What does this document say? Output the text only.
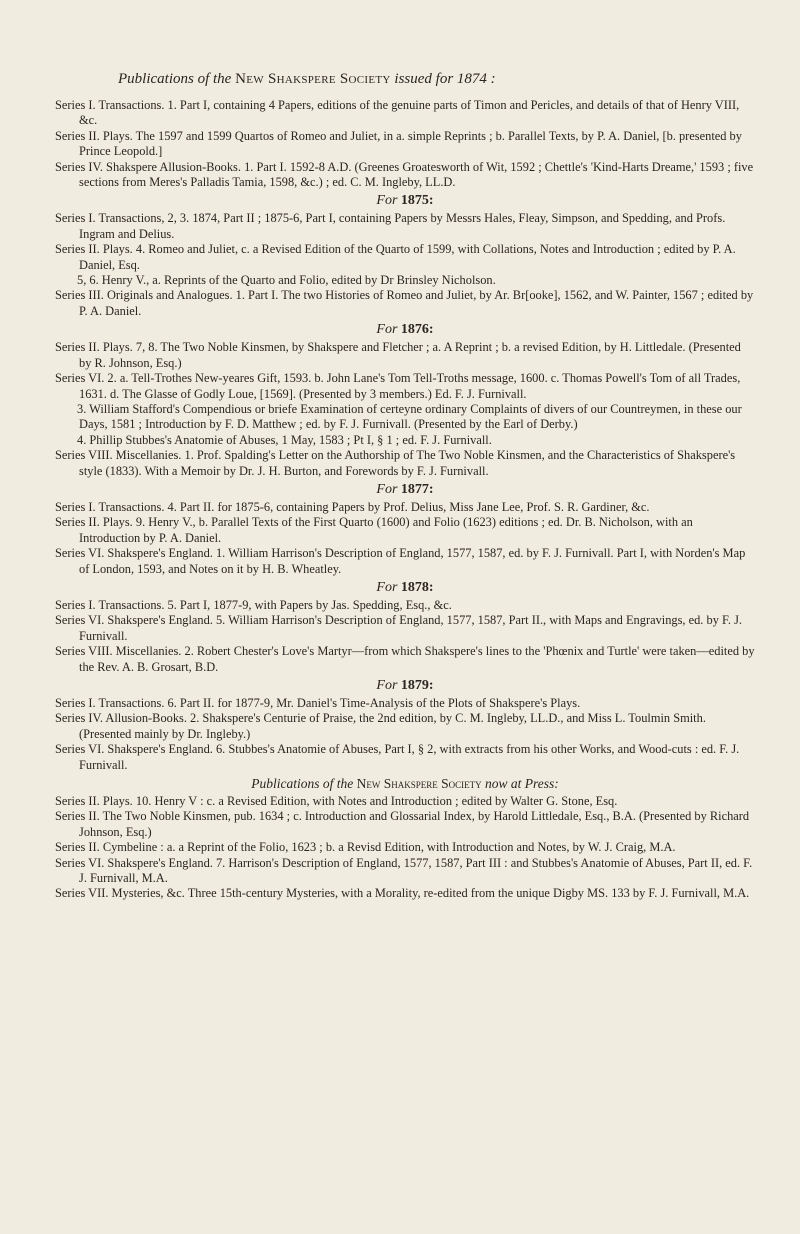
Publications of the New Shakspere Society issued for 1874 :

Series I. Transactions. 1. Part I, containing 4 Papers, editions of the genuine parts of Timon and Pericles, and details of that of Henry VIII, &c.

Series II. Plays. The 1597 and 1599 Quartos of Romeo and Juliet, in a. simple Reprints ; b. Parallel Texts, by P. A. Daniel, [b. presented by Prince Leopold.]

Series IV. Shakspere Allusion-Books. 1. Part I. 1592-8 A.D. (Greenes Groatesworth of Wit, 1592 ; Chettle's 'Kind-Harts Dreame,' 1593 ; five sections from Meres's Palladis Tamia, 1598, &c.) ; ed. C. M. Ingleby, LL.D.

For 1875:

Series I. Transactions, 2, 3. 1874, Part II ; 1875-6, Part I, containing Papers by Messrs Hales, Fleay, Simpson, and Spedding, and Profs. Ingram and Delius.

Series II. Plays. 4. Romeo and Juliet, c. a Revised Edition of the Quarto of 1599, with Collations, Notes and Introduction ; edited by P. A. Daniel, Esq.

5, 6. Henry V., a. Reprints of the Quarto and Folio, edited by Dr Brinsley Nicholson.

Series III. Originals and Analogues. 1. Part I. The two Histories of Romeo and Juliet, by Ar. Br[ooke], 1562, and W. Painter, 1567 ; edited by P. A. Daniel.

For 1876:

Series II. Plays. 7, 8. The Two Noble Kinsmen, by Shakspere and Fletcher ; a. A Reprint ; b. a revised Edition, by H. Littledale. (Presented by R. Johnson, Esq.)

Series VI. 2. a. Tell-Trothes New-yeares Gift, 1593. b. John Lane's Tom Tell-Troths message, 1600. c. Thomas Powell's Tom of all Trades, 1631. d. The Glasse of Godly Loue, [1569]. (Presented by 3 members.) Ed. F. J. Furnivall.

3. William Stafford's Compendious or briefe Examination of certeyne ordinary Complaints of divers of our Countreymen, in these our Days, 1581 ; Introduction by F. D. Matthew ; ed. by F. J. Furnivall. (Presented by the Earl of Derby.)

4. Phillip Stubbes's Anatomie of Abuses, 1 May, 1583 ; Pt I, § 1 ; ed. F. J. Furnivall.

Series VIII. Miscellanies. 1. Prof. Spalding's Letter on the Authorship of The Two Noble Kinsmen, and the Characteristics of Shakspere's style (1833). With a Memoir by Dr. J. H. Burton, and Forewords by F. J. Furnivall.

For 1877:

Series I. Transactions. 4. Part II. for 1875-6, containing Papers by Prof. Delius, Miss Jane Lee, Prof. S. R. Gardiner, &c.

Series II. Plays. 9. Henry V., b. Parallel Texts of the First Quarto (1600) and Folio (1623) editions ; ed. Dr. B. Nicholson, with an Introduction by P. A. Daniel.

Series VI. Shakspere's England. 1. William Harrison's Description of England, 1577, 1587, ed. by F. J. Furnivall. Part I, with Norden's Map of London, 1593, and Notes on it by H. B. Wheatley.

For 1878:

Series I. Transactions. 5. Part I, 1877-9, with Papers by Jas. Spedding, Esq., &c.

Series VI. Shakspere's England. 5. William Harrison's Description of England, 1577, 1587, Part II., with Maps and Engravings, ed. by F. J. Furnivall.

Series VIII. Miscellanies. 2. Robert Chester's Love's Martyr—from which Shakspere's lines to the 'Phœnix and Turtle' were taken—edited by the Rev. A. B. Grosart, B.D.

For 1879:

Series I. Transactions. 6. Part II. for 1877-9, Mr. Daniel's Time-Analysis of the Plots of Shakspere's Plays.

Series IV. Allusion-Books. 2. Shakspere's Centurie of Praise, the 2nd edition, by C. M. Ingleby, LL.D., and Miss L. Toulmin Smith. (Presented mainly by Dr. Ingleby.)

Series VI. Shakspere's England. 6. Stubbes's Anatomie of Abuses, Part I, § 2, with extracts from his other Works, and Wood-cuts : ed. F. J. Furnivall.

Publications of the New Shakspere Society now at Press:

Series II. Plays. 10. Henry V : c. a Revised Edition, with Notes and Introduction ; edited by Walter G. Stone, Esq.

Series II. The Two Noble Kinsmen, pub. 1634 ; c. Introduction and Glossarial Index, by Harold Littledale, Esq., B.A. (Presented by Richard Johnson, Esq.)

Series II. Cymbeline : a. a Reprint of the Folio, 1623 ; b. a Revisd Edition, with Introduction and Notes, by W. J. Craig, M.A.

Series VI. Shakspere's England. 7. Harrison's Description of England, 1577, 1587, Part III : and Stubbes's Anatomie of Abuses, Part II, ed. F. J. Furnivall, M.A.

Series VII. Mysteries, &c. Three 15th-century Mysteries, with a Morality, re-edited from the unique Digby MS. 133 by F. J. Furnivall, M.A.
